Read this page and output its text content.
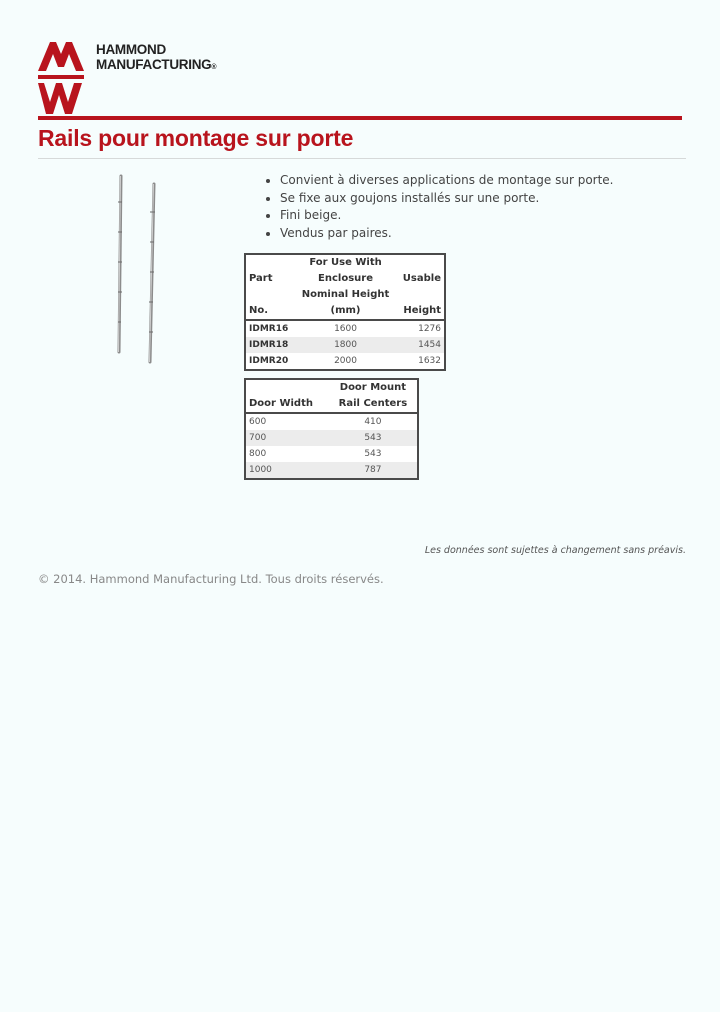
HAMMOND
MANUFACTURING®
Rails pour montage sur porte
• Convient à diverses applications de montage sur porte.
• Se fixe aux goujons installés sur une porte.
• Fini beige.
• Vendus par paires.
	For Use With	
Part	Enclosure	Usable
No.	Nominal Height (mm)	Height
IDMR16	1600	1276
IDMR18	1800	1454
IDMR20	2000	1632
	Door Mount
Door Width	Rail Centers
600	410
700	543
800	543
1000	787
Les données sont sujettes à changement sans préavis.
© 2014. Hammond Manufacturing Ltd. Tous droits réservés.
